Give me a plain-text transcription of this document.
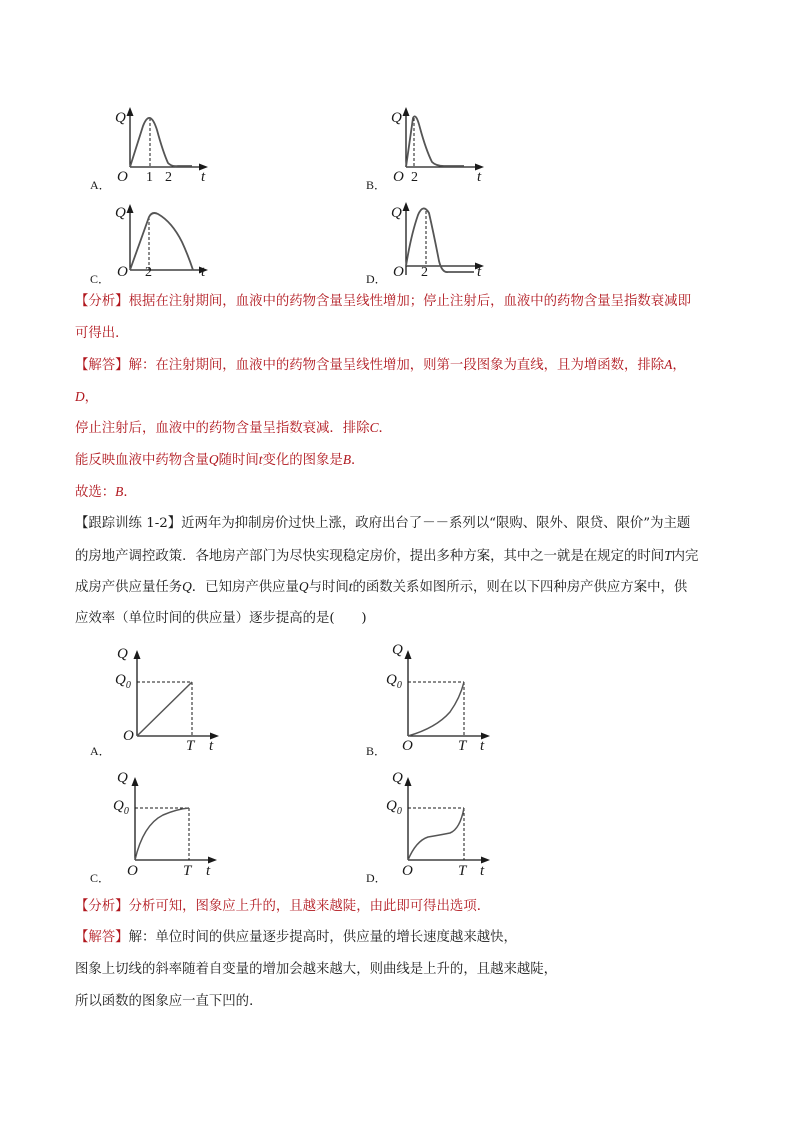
Q
O 1 2 t
A．
Q
O 2	t
B．
Q
O 2	t
C．
Q
O 2	t
D．
【分析】根据在注射期间，血液中的药物含量呈线性增加；停止注射后，血液中的药物含量呈指数衰减即
可得出．
【解答】解：在注射期间，血液中的药物含量呈线性增加，则第一段图象为直线，且为增函数，排除A，
D，
停止注射后，血液中的药物含量呈指数衰减．排除C．
能反映血液中药物含量Q随时间t变化的图象是B．
故选：B．
【跟踪训练 1-2】近两年为抑制房价过快上涨，政府出台了－－系列以“限购、限外、限贷、限价”为主题
的房地产调控政策．各地房产部门为尽快实现稳定房价，提出多种方案，其中之一就是在规定的时间T内完
成房产供应量任务Q．已知房产供应量Q与时间t的函数关系如图所示，则在以下四种房产供应方案中，供
应效率（单位时间的供应量）逐步提高的是(　　)
Q
$Q_0$
O
T t
A．
Q
$Q_0$
O	T t
B．
Q
$Q_0$
O	T t
C．
Q
$Q_0$
O	T t
D．
【分析】分析可知，图象应上升的，且越来越陡，由此即可得出选项．
【解答】解：单位时间的供应量逐步提高时，供应量的增长速度越来越快，
图象上切线的斜率随着自变量的增加会越来越大，则曲线是上升的，且越来越陡，
所以函数的图象应一直下凹的．
